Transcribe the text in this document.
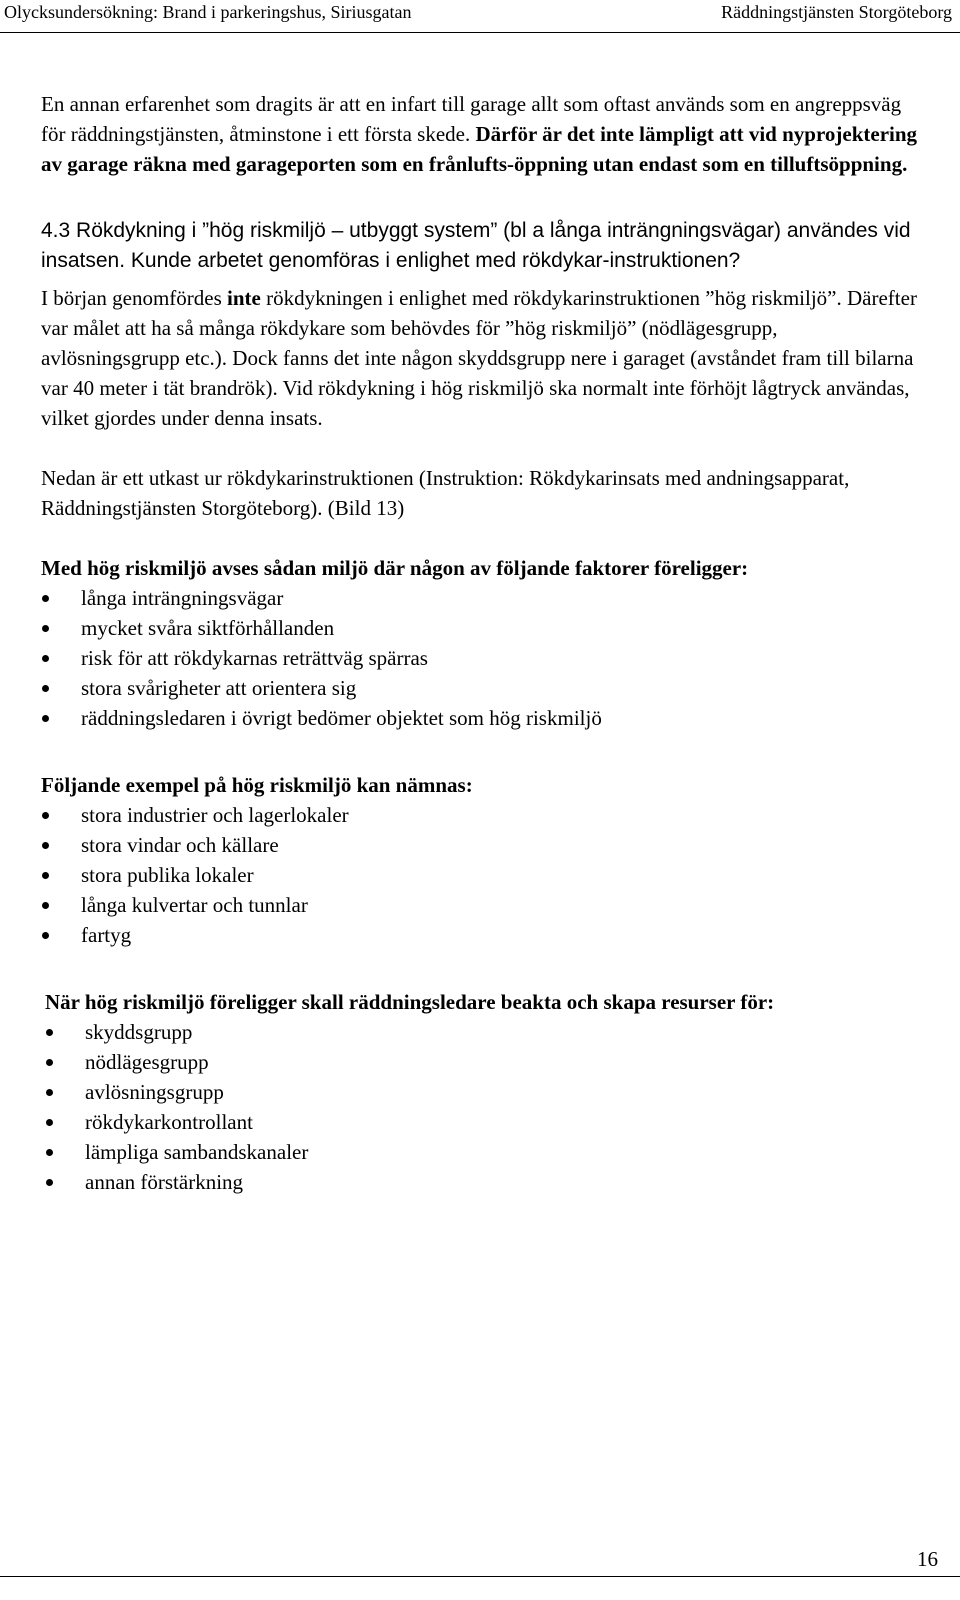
Olycksundersökning: Brand i parkeringshus, Siriusgatan	Räddningstjänsten Storgöteborg

En annan erfarenhet som dragits är att en infart till garage allt som oftast används som en angreppsväg för räddningstjänsten, åtminstone i ett första skede. Därför är det inte lämpligt att vid nyprojektering av garage räkna med garageporten som en frånlufts-öppning utan endast som en tilluftsöppning.

4.3 Rökdykning i ”hög riskmiljö – utbyggt system” (bl a långa inträngningsvägar) användes vid insatsen. Kunde arbetet genomföras i enlighet med rökdykar-instruktionen?

I början genomfördes inte rökdykningen i enlighet med rökdykarinstruktionen ”hög riskmiljö”. Därefter var målet att ha så många rökdykare som behövdes för ”hög riskmiljö” (nödlägesgrupp, avlösningsgrupp etc.). Dock fanns det inte någon skyddsgrupp nere i garaget (avståndet fram till bilarna var 40 meter i tät brandrök). Vid rökdykning i hög riskmiljö ska normalt inte förhöjt lågtryck användas, vilket gjordes under denna insats.

Nedan är ett utkast ur rökdykarinstruktionen (Instruktion: Rökdykarinsats med andningsapparat, Räddningstjänsten Storgöteborg). (Bild 13)

Med hög riskmiljö avses sådan miljö där någon av följande faktorer föreligger:

långa inträngningsvägar
mycket svåra siktförhållanden
risk för att rökdykarnas reträttväg spärras
stora svårigheter att orientera sig
räddningsledaren i övrigt bedömer objektet som hög riskmiljö

Följande exempel på hög riskmiljö kan nämnas:

stora industrier och lagerlokaler
stora vindar och källare
stora publika lokaler
långa kulvertar och tunnlar
fartyg

När hög riskmiljö föreligger skall räddningsledare beakta och skapa resurser för:

skyddsgrupp
nödlägesgrupp
avlösningsgrupp
rökdykarkontrollant
lämpliga sambandskanaler
annan förstärkning
16
